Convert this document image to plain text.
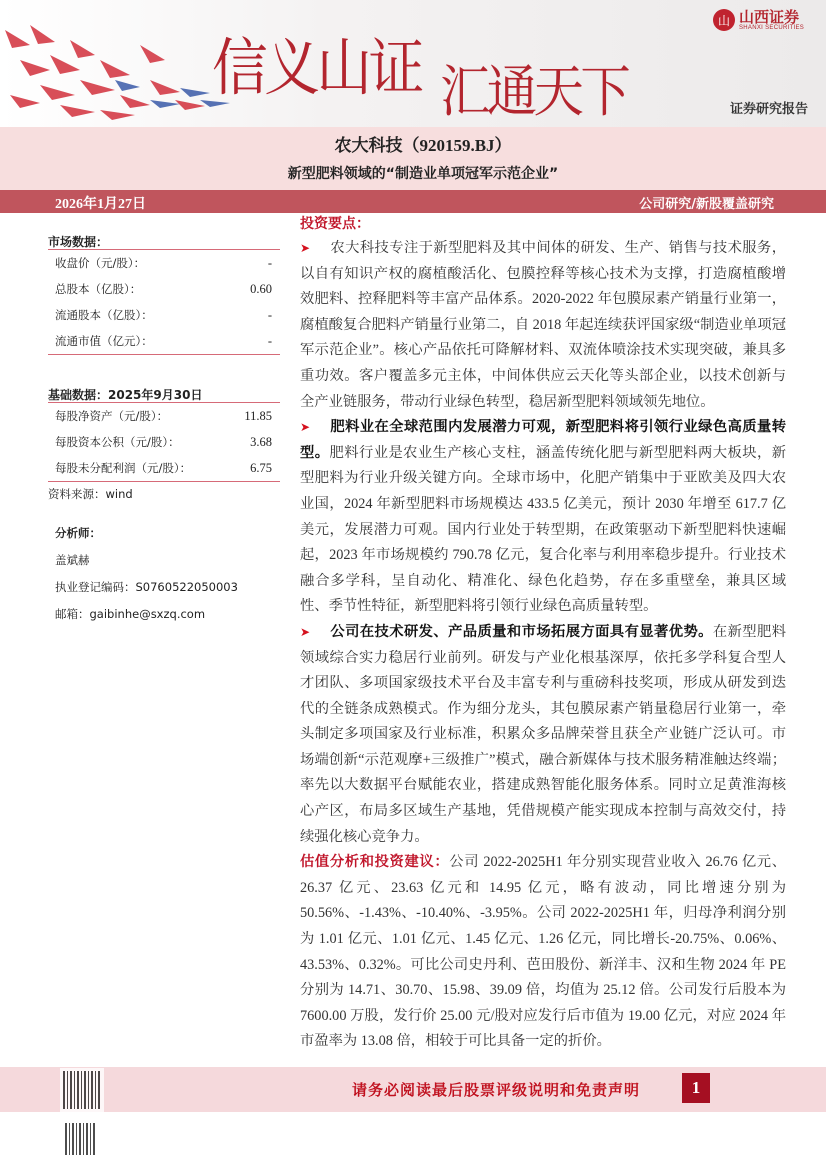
信义山证 汇通天下
山 山西证券
SHANXI SECURITIES
证券研究报告
农大科技（920159.BJ）
新型肥料领域的“制造业单项冠军示范企业”
2026年1月27日	公司研究/新股覆盖研究
市场数据：
收盘价（元/股）：	-
总股本（亿股）：	0.60
流通股本（亿股）：	-
流通市值（亿元）：	-
基础数据：2025年9月30日
每股净资产（元/股）：	11.85
每股资本公积（元/股）：	3.68
每股未分配利润（元/股）：	6.75
资料来源：wind
分析师：
盖斌赫
执业登记编码：S0760522050003
邮箱：gaibinhe@sxzq.com
投资要点：

➤ 农大科技专注于新型肥料及其中间体的研发、生产、销售与技术服务，以自有知识产权的腐植酸活化、包膜控释等核心技术为支撑，打造腐植酸增效肥料、控释肥料等丰富产品体系。2020-2022 年包膜尿素产销量行业第一，腐植酸复合肥料产销量行业第二，自 2018 年起连续获评国家级“制造业单项冠军示范企业”。核心产品依托可降解材料、双流体喷涂技术实现突破，兼具多重功效。客户覆盖多元主体，中间体供应云天化等头部企业，以技术创新与全产业链服务，带动行业绿色转型，稳居新型肥料领域领先地位。

➤ 肥料业在全球范围内发展潜力可观，新型肥料将引领行业绿色高质量转型。肥料行业是农业生产核心支柱，涵盖传统化肥与新型肥料两大板块，新型肥料为行业升级关键方向。全球市场中，化肥产销集中于亚欧美及四大农业国，2024 年新型肥料市场规模达 433.5 亿美元，预计 2030 年增至 617.7 亿美元，发展潜力可观。国内行业处于转型期，在政策驱动下新型肥料快速崛起，2023 年市场规模约 790.78 亿元，复合化率与利用率稳步提升。行业技术融合多学科，呈自动化、精准化、绿色化趋势，存在多重壁垒，兼具区域性、季节性特征，新型肥料将引领行业绿色高质量转型。

➤ 公司在技术研发、产品质量和市场拓展方面具有显著优势。在新型肥料领域综合实力稳居行业前列。研发与产业化根基深厚，依托多学科复合型人才团队、多项国家级技术平台及丰富专利与重磅科技奖项，形成从研发到迭代的全链条成熟模式。作为细分龙头，其包膜尿素产销量稳居行业第一，牵头制定多项国家及行业标准，积累众多品牌荣誉且获全产业链广泛认可。市场端创新“示范观摩+三级推广”模式，融合新媒体与技术服务精准触达终端；率先以大数据平台赋能农业，搭建成熟智能化服务体系。同时立足黄淮海核心产区，布局多区域生产基地，凭借规模产能实现成本控制与高效交付，持续强化核心竞争力。

估值分析和投资建议：公司 2022-2025H1 年分别实现营业收入 26.76 亿元、26.37 亿元、23.63 亿元和 14.95 亿元，略有波动，同比增速分别为 50.56%、-1.43%、-10.40%、-3.95%。公司 2022-2025H1 年，归母净利润分别为 1.01 亿元、1.01 亿元、1.45 亿元、1.26 亿元，同比增长-20.75%、0.06%、43.53%、0.32%。可比公司史丹利、芭田股份、新洋丰、汉和生物 2024 年 PE 分别为 14.71、30.70、15.98、39.09 倍，均值为 25.12 倍。公司发行后股本为 7600.00 万股，发行价 25.00 元/股对应发行后市值为 19.00 亿元，对应 2024 年市盈率为 13.08 倍，相较于可比具备一定的折价。

请务必阅读最后股票评级说明和免责声明	1
